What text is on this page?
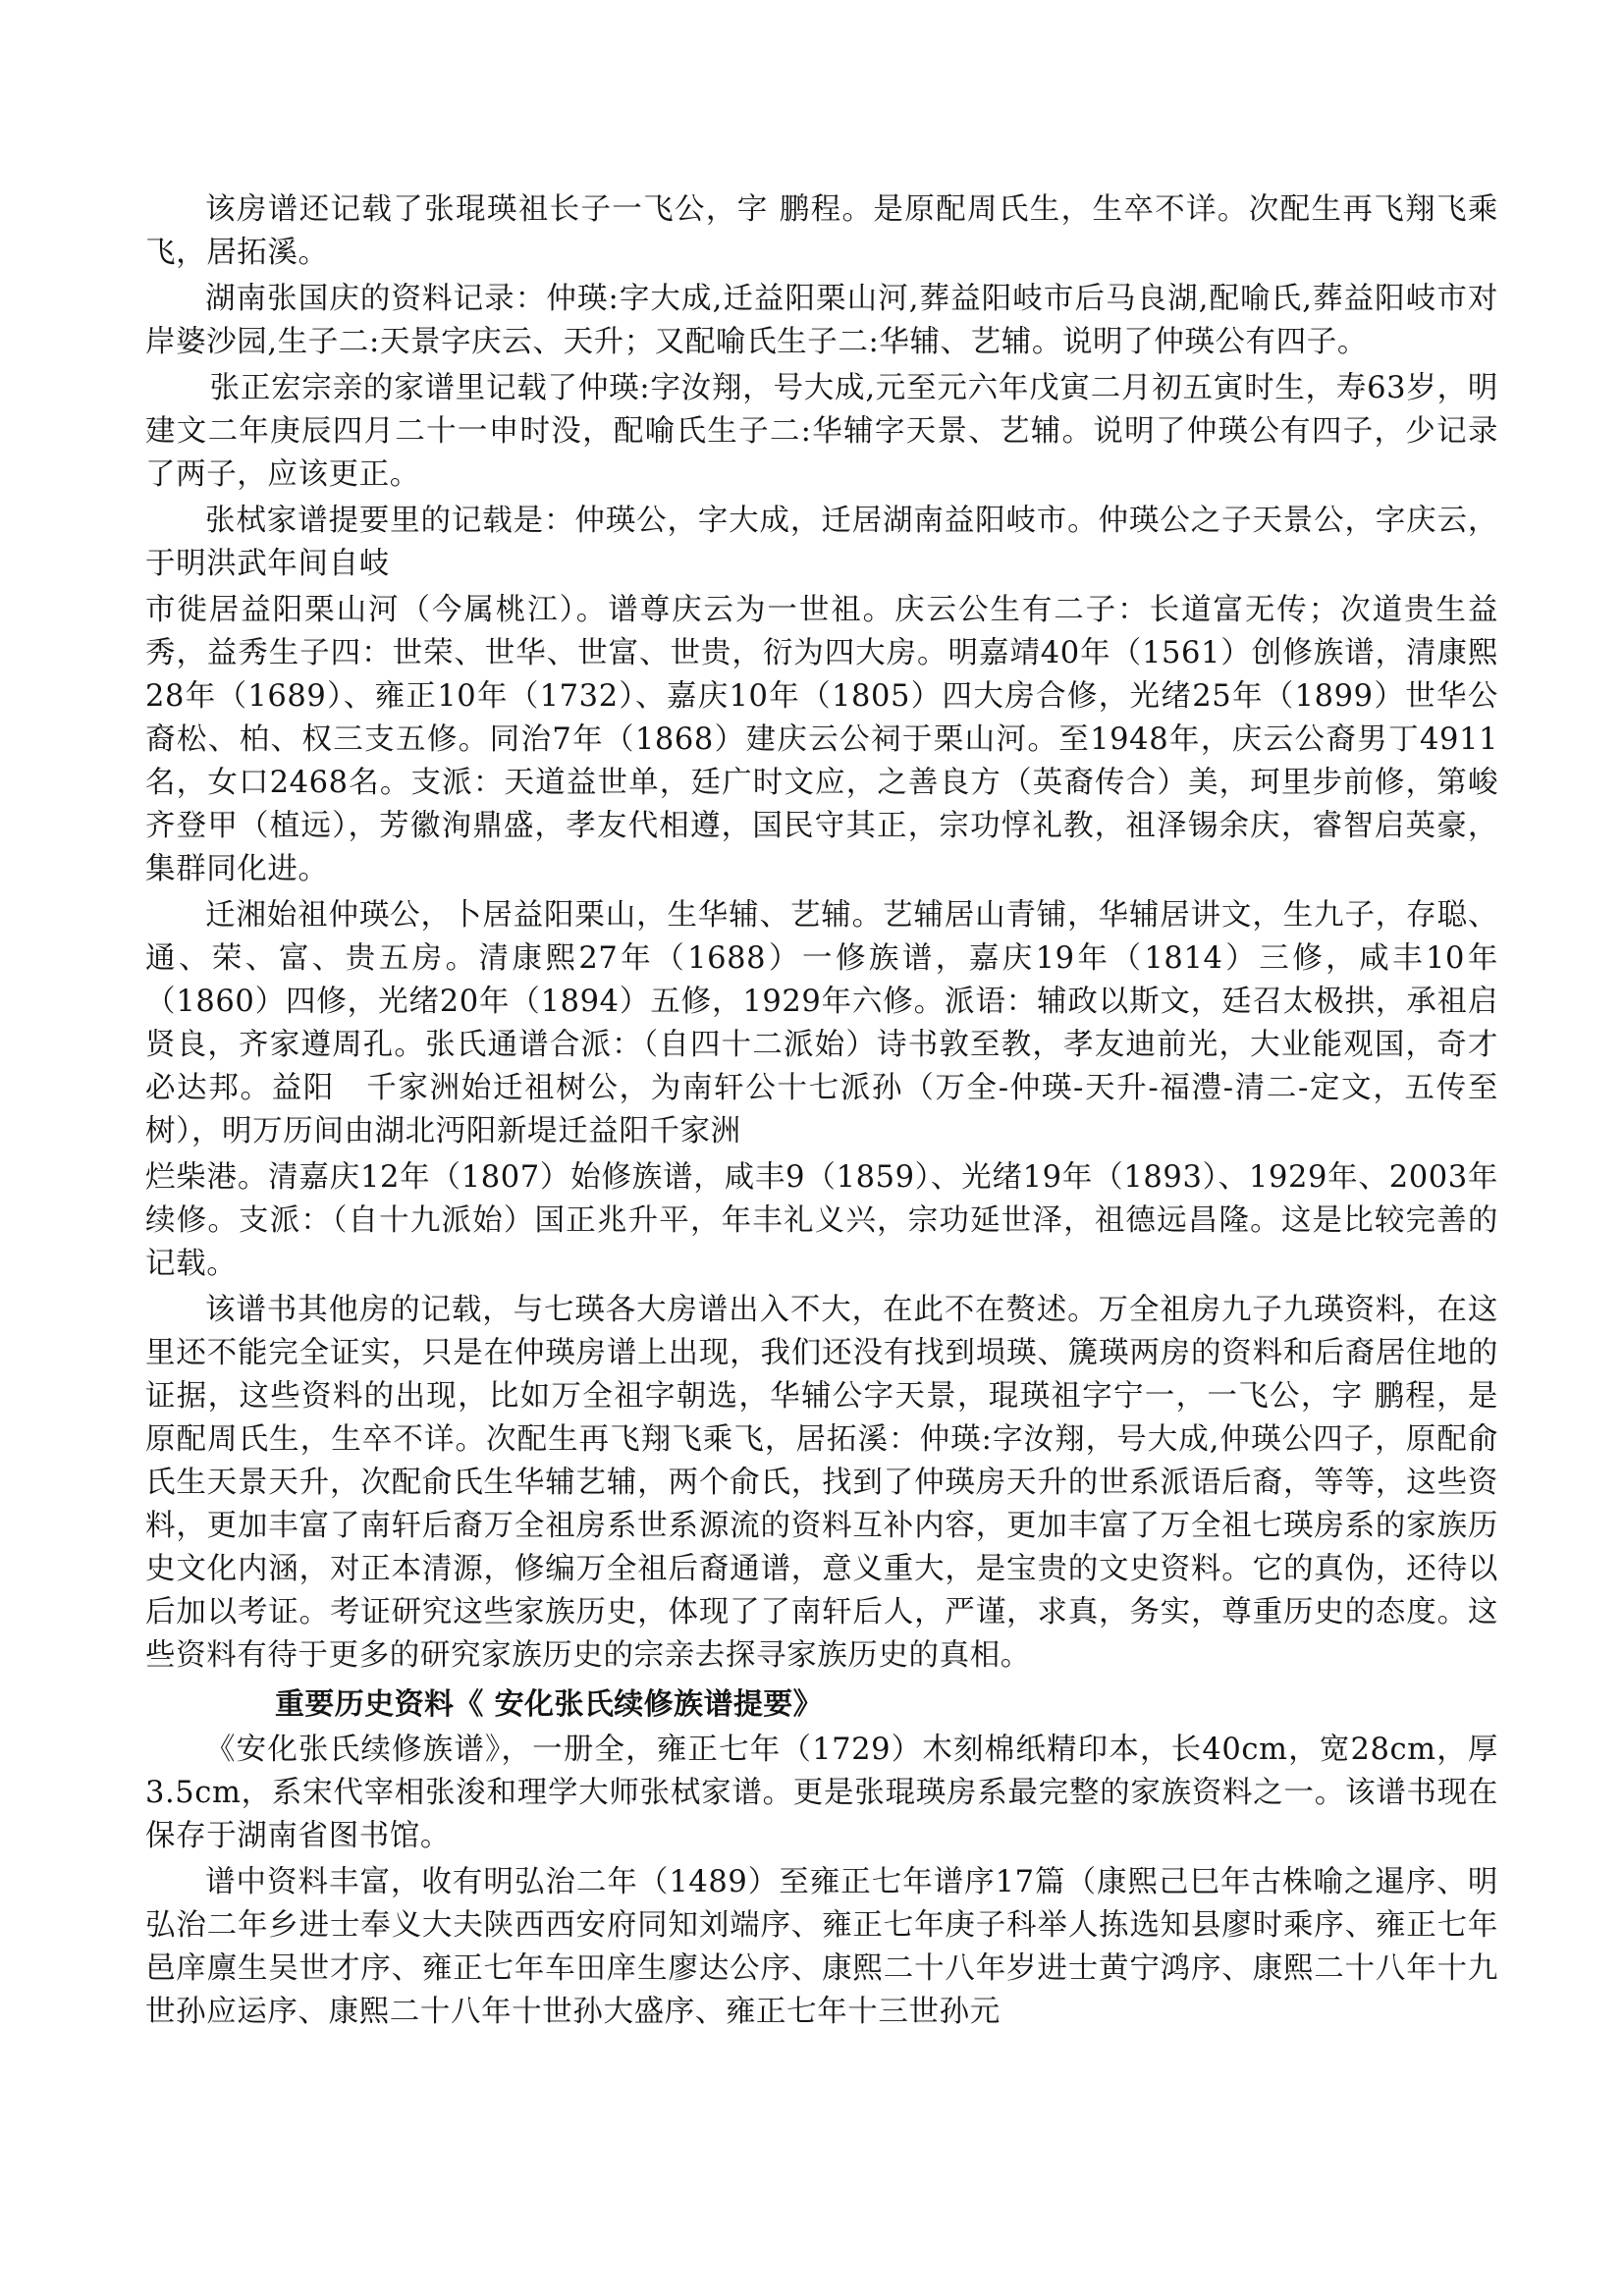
该房谱还记载了张琨瑛祖长子一飞公，字 鹏程。是原配周氏生，生卒不详。次配生再飞翔飞乘飞，居拓溪。

湖南张国庆的资料记录：仲瑛:字大成,迁益阳栗山河,葬益阳岐市后马良湖,配喻氏,葬益阳岐市对岸婆沙园,生子二:天景字庆云、天升；又配喻氏生子二:华辅、艺辅。说明了仲瑛公有四子。

张正宏宗亲的家谱里记载了仲瑛:字汝翔，号大成,元至元六年戊寅二月初五寅时生，寿63岁，明建文二年庚辰四月二十一申时没，配喻氏生子二:华辅字天景、艺辅。说明了仲瑛公有四子，少记录了两子，应该更正。

张栻家谱提要里的记载是：仲瑛公，字大成，迁居湖南益阳岐市。仲瑛公之子天景公，字庆云，于明洪武年间自岐

市徙居益阳栗山河（今属桃江）。谱尊庆云为一世祖。庆云公生有二子：长道富无传；次道贵生益秀，益秀生子四：世荣、世华、世富、世贵，衍为四大房。明嘉靖40年（1561）创修族谱，清康熙28年（1689）、雍正10年（1732）、嘉庆10年（1805）四大房合修，光绪25年（1899）世华公裔松、柏、权三支五修。同治7年（1868）建庆云公祠于栗山河。至1948年，庆云公裔男丁4911名，女口2468名。支派：天道益世单，廷广时文应，之善良方（英裔传合）美，珂里步前修，第峻齐登甲（植远），芳徽洵鼎盛，孝友代相遵，国民守其正，宗功惇礼教，祖泽锡余庆，睿智启英豪，集群同化进。

迁湘始祖仲瑛公，卜居益阳栗山，生华辅、艺辅。艺辅居山青铺，华辅居讲文，生九子，存聪、通、荣、富、贵五房。清康熙27年（1688）一修族谱，嘉庆19年（1814）三修，咸丰10年（1860）四修，光绪20年（1894）五修，1929年六修。派语：辅政以斯文，廷召太极拱，承祖启贤良，齐家遵周孔。张氏通谱合派：（自四十二派始）诗书敦至教，孝友迪前光，大业能观国，奇才必达邦。益阳　千家洲始迁祖树公，为南轩公十七派孙（万全-仲瑛-天升-福澧-清二-定文，五传至树），明万历间由湖北沔阳新堤迁益阳千家洲

烂柴港。清嘉庆12年（1807）始修族谱，咸丰9（1859）、光绪19年（1893）、1929年、2003年续修。支派：（自十九派始）国正兆升平，年丰礼义兴，宗功延世泽，祖德远昌隆。这是比较完善的记载。

该谱书其他房的记载，与七瑛各大房谱出入不大，在此不在赘述。万全祖房九子九瑛资料，在这里还不能完全证实，只是在仲瑛房谱上出现，我们还没有找到埙瑛、篪瑛两房的资料和后裔居住地的证据，这些资料的出现，比如万全祖字朝选，华辅公字天景，琨瑛祖字宁一，一飞公，字 鹏程，是原配周氏生，生卒不详。次配生再飞翔飞乘飞，居拓溪：仲瑛:字汝翔，号大成,仲瑛公四子，原配俞氏生天景天升，次配俞氏生华辅艺辅，两个俞氏，找到了仲瑛房天升的世系派语后裔，等等，这些资料，更加丰富了南轩后裔万全祖房系世系源流的资料互补内容，更加丰富了万全祖七瑛房系的家族历史文化内涵，对正本清源，修编万全祖后裔通谱，意义重大，是宝贵的文史资料。它的真伪，还待以后加以考证。考证研究这些家族历史，体现了了南轩后人，严谨，求真，务实，尊重历史的态度。这些资料有待于更多的研究家族历史的宗亲去探寻家族历史的真相。

重要历史资料《 安化张氏续修族谱提要》

《安化张氏续修族谱》，一册全，雍正七年（1729）木刻棉纸精印本，长40cm，宽28cm，厚3.5cm，系宋代宰相张浚和理学大师张栻家谱。更是张琨瑛房系最完整的家族资料之一。该谱书现在保存于湖南省图书馆。

谱中资料丰富，收有明弘治二年（1489）至雍正七年谱序17篇（康熙己巳年古株喻之暹序、明弘治二年乡进士奉义大夫陕西西安府同知刘端序、雍正七年庚子科举人拣选知县廖时乘序、雍正七年邑庠廪生吴世才序、雍正七年车田庠生廖达公序、康熙二十八年岁进士黄宁鸿序、康熙二十八年十九世孙应运序、康熙二十八年十世孙大盛序、雍正七年十三世孙元
